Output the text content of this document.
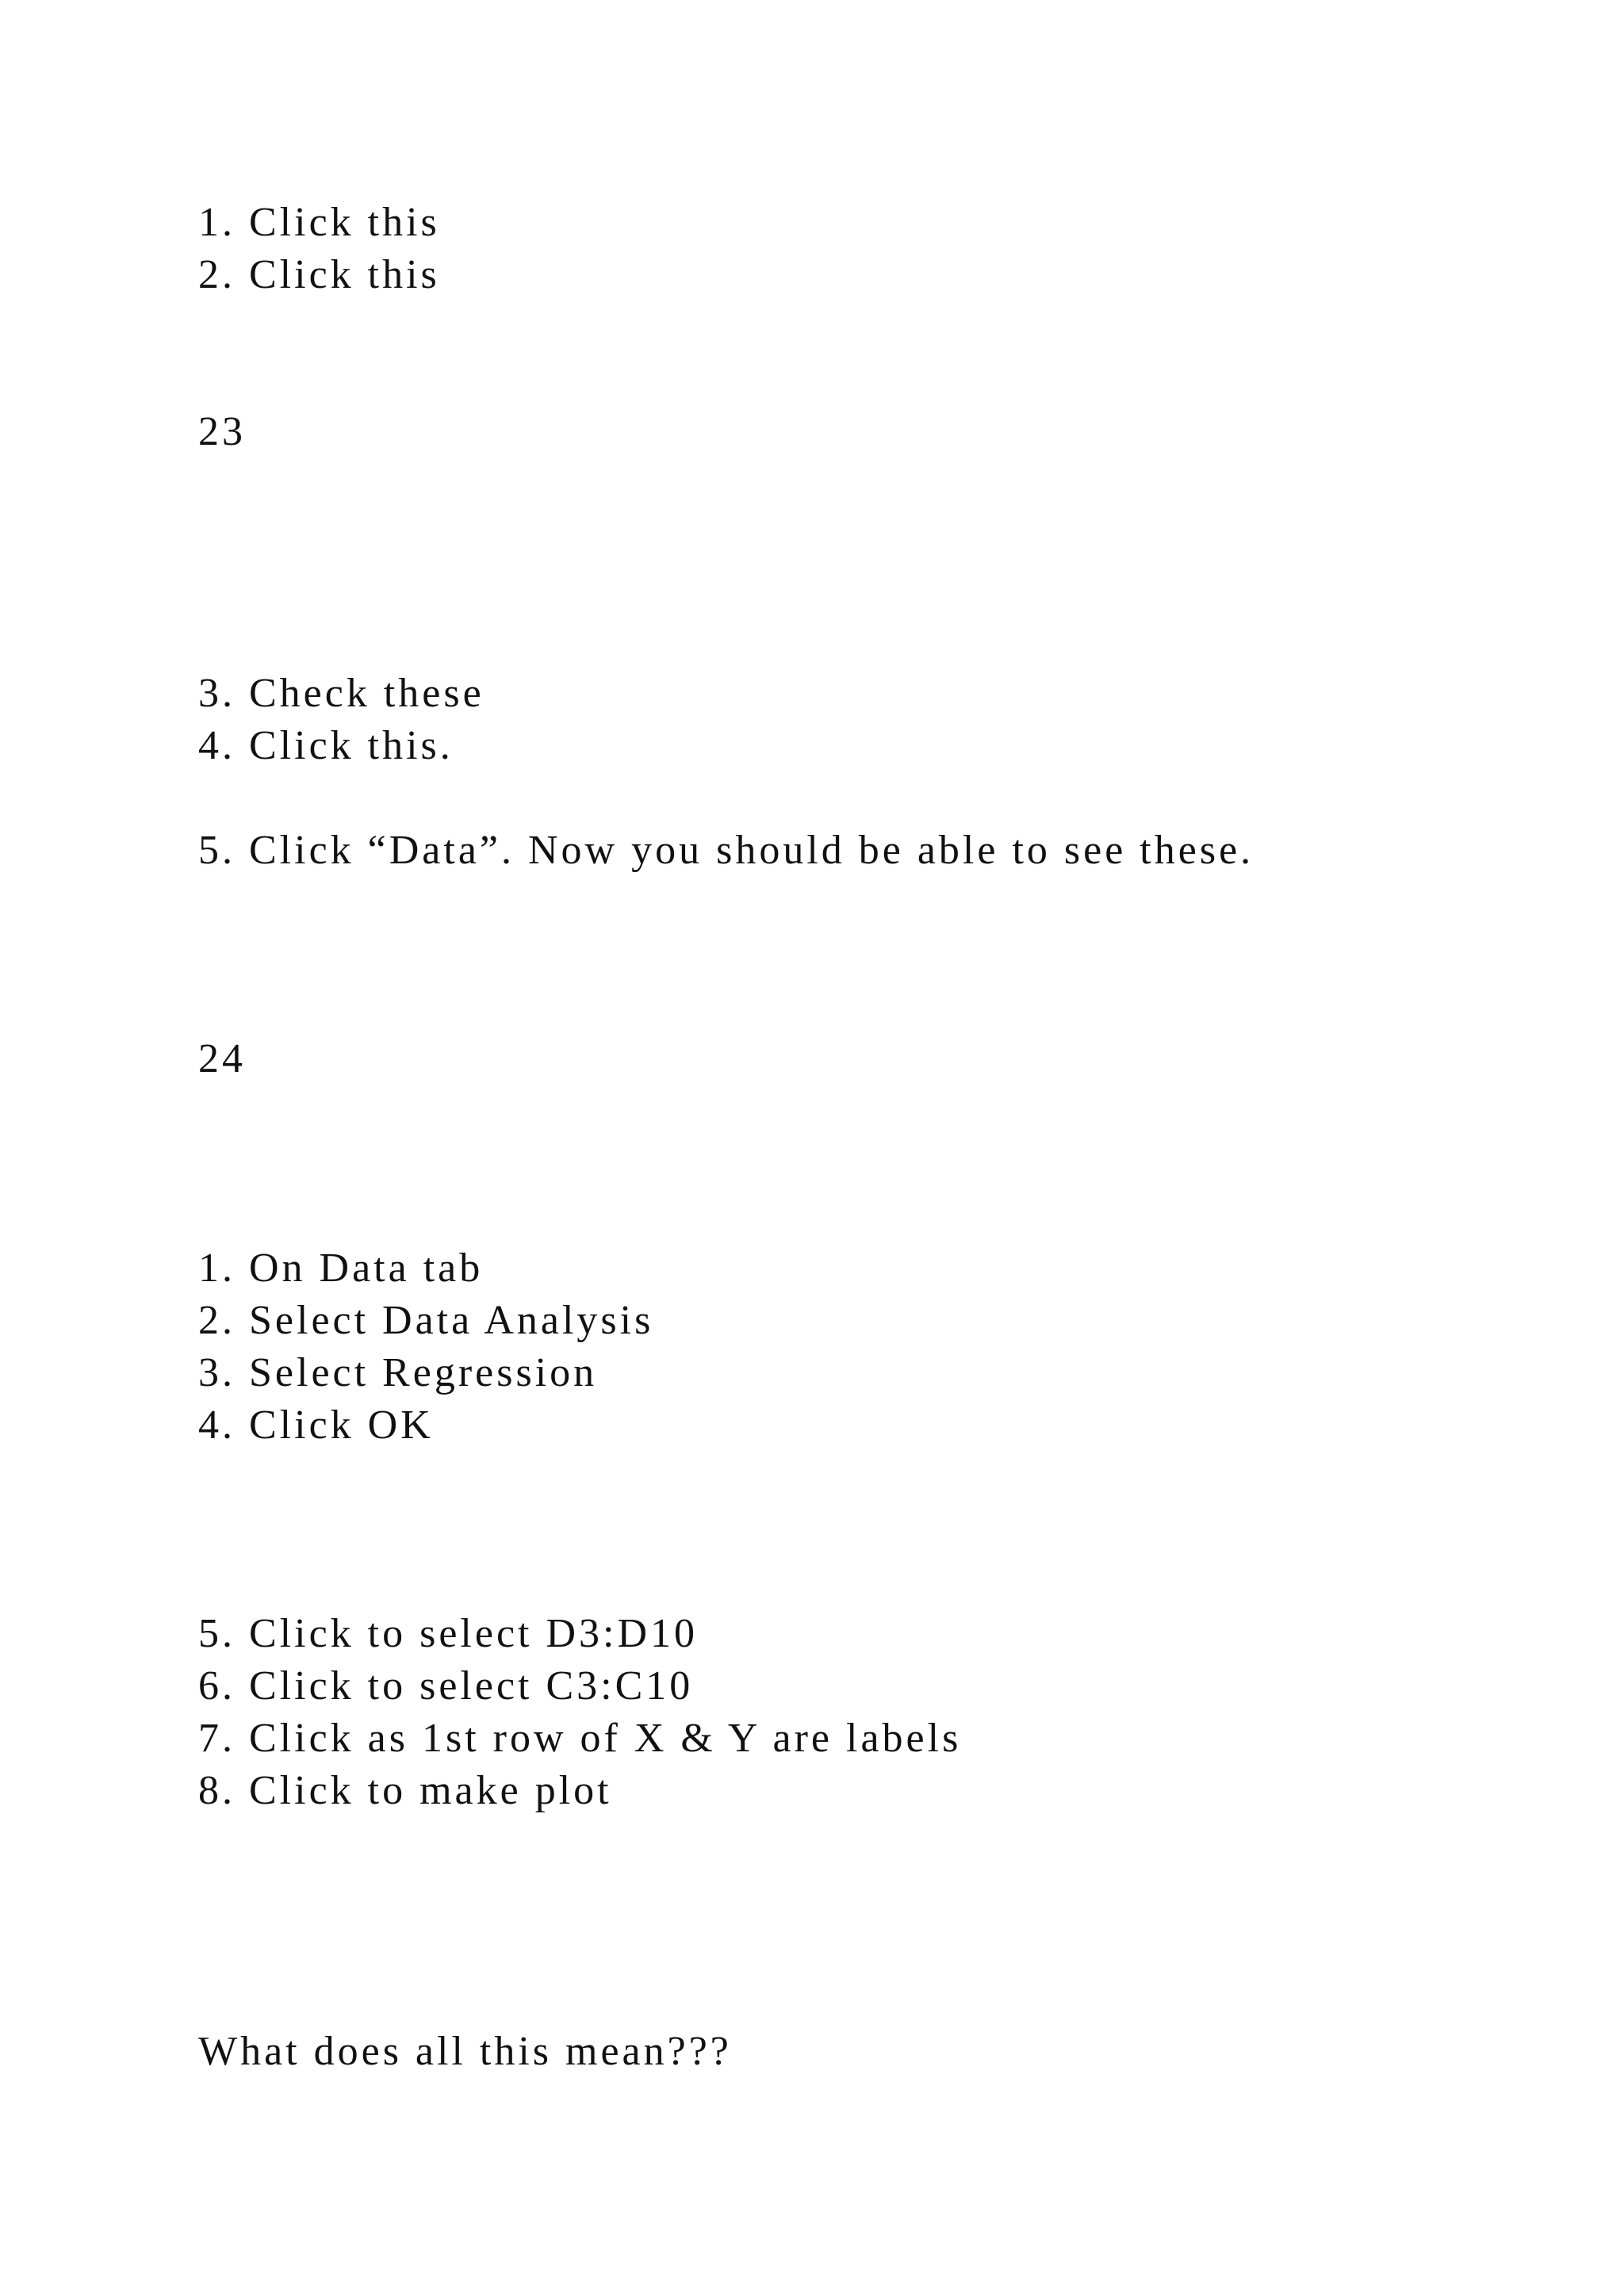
1. Click this

2. Click this

23

3. Check these

4. Click this.

5. Click “Data”. Now you should be able to see these.

24

1. On Data tab

2. Select Data Analysis

3. Select Regression

4. Click OK

5. Click to select D3:D10

6. Click to select C3:C10

7. Click as 1st row of X & Y are labels

8. Click to make plot

What does all this mean???
